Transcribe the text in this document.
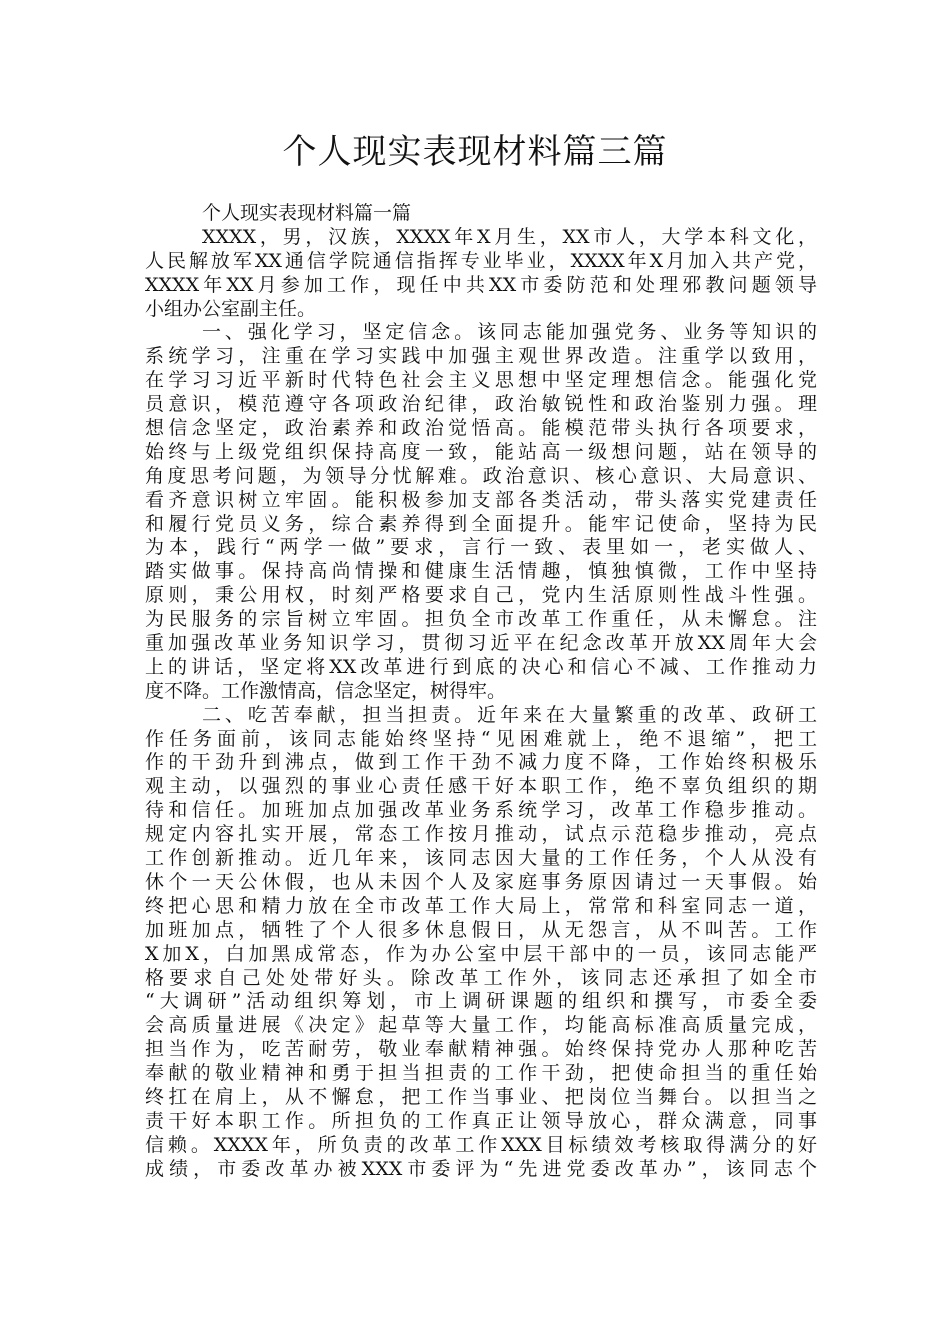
个人现实表现材料篇三篇
个人现实表现材料篇一篇
XXXX，男，汉族，XXXX年X月生，XX市人，大学本科文化，
人民解放军XX通信学院通信指挥专业毕业，XXXX年X月加入共产党，
XXXX年XX月参加工作，现任中共XX市委防范和处理邪教问题领导
小组办公室副主任。
一、强化学习，坚定信念。该同志能加强党务、业务等知识的
系统学习，注重在学习实践中加强主观世界改造。注重学以致用，
在学习习近平新时代特色社会主义思想中坚定理想信念。能强化党
员意识，模范遵守各项政治纪律，政治敏锐性和政治鉴别力强。理
想信念坚定，政治素养和政治觉悟高。能模范带头执行各项要求，
始终与上级党组织保持高度一致，能站高一级想问题，站在领导的
角度思考问题，为领导分忧解难。政治意识、核心意识、大局意识、
看齐意识树立牢固。能积极参加支部各类活动，带头落实党建责任
和履行党员义务，综合素养得到全面提升。能牢记使命，坚持为民
为本，践行“两学一做”要求，言行一致、表里如一，老实做人、
踏实做事。保持高尚情操和健康生活情趣，慎独慎微，工作中坚持
原则，秉公用权，时刻严格要求自己，党内生活原则性战斗性强。
为民服务的宗旨树立牢固。担负全市改革工作重任，从未懈怠。注
重加强改革业务知识学习，贯彻习近平在纪念改革开放XX周年大会
上的讲话，坚定将XX改革进行到底的决心和信心不减、工作推动力
度不降。工作激情高，信念坚定，树得牢。
二、吃苦奉献，担当担责。近年来在大量繁重的改革、政研工
作任务面前，该同志能始终坚持“见困难就上，绝不退缩”，把工
作的干劲升到沸点，做到工作干劲不减力度不降，工作始终积极乐
观主动，以强烈的事业心责任感干好本职工作，绝不辜负组织的期
待和信任。加班加点加强改革业务系统学习，改革工作稳步推动。
规定内容扎实开展，常态工作按月推动，试点示范稳步推动，亮点
工作创新推动。近几年来，该同志因大量的工作任务，个人从没有
休个一天公休假，也从未因个人及家庭事务原因请过一天事假。始
终把心思和精力放在全市改革工作大局上，常常和科室同志一道，
加班加点，牺牲了个人很多休息假日，从无怨言，从不叫苦。工作
X加X，白加黑成常态，作为办公室中层干部中的一员，该同志能严
格要求自己处处带好头。除改革工作外，该同志还承担了如全市
“大调研”活动组织筹划，市上调研课题的组织和撰写，市委全委
会高质量进展《决定》起草等大量工作，均能高标准高质量完成，
担当作为，吃苦耐劳，敬业奉献精神强。始终保持党办人那种吃苦
奉献的敬业精神和勇于担当担责的工作干劲，把使命担当的重任始
终扛在肩上，从不懈怠，把工作当事业、把岗位当舞台。以担当之
责干好本职工作。所担负的工作真正让领导放心，群众满意，同事
信赖。XXXX年，所负责的改革工作XXX目标绩效考核取得满分的好
成绩，市委改革办被XXX市委评为“先进党委改革办”，该同志个
